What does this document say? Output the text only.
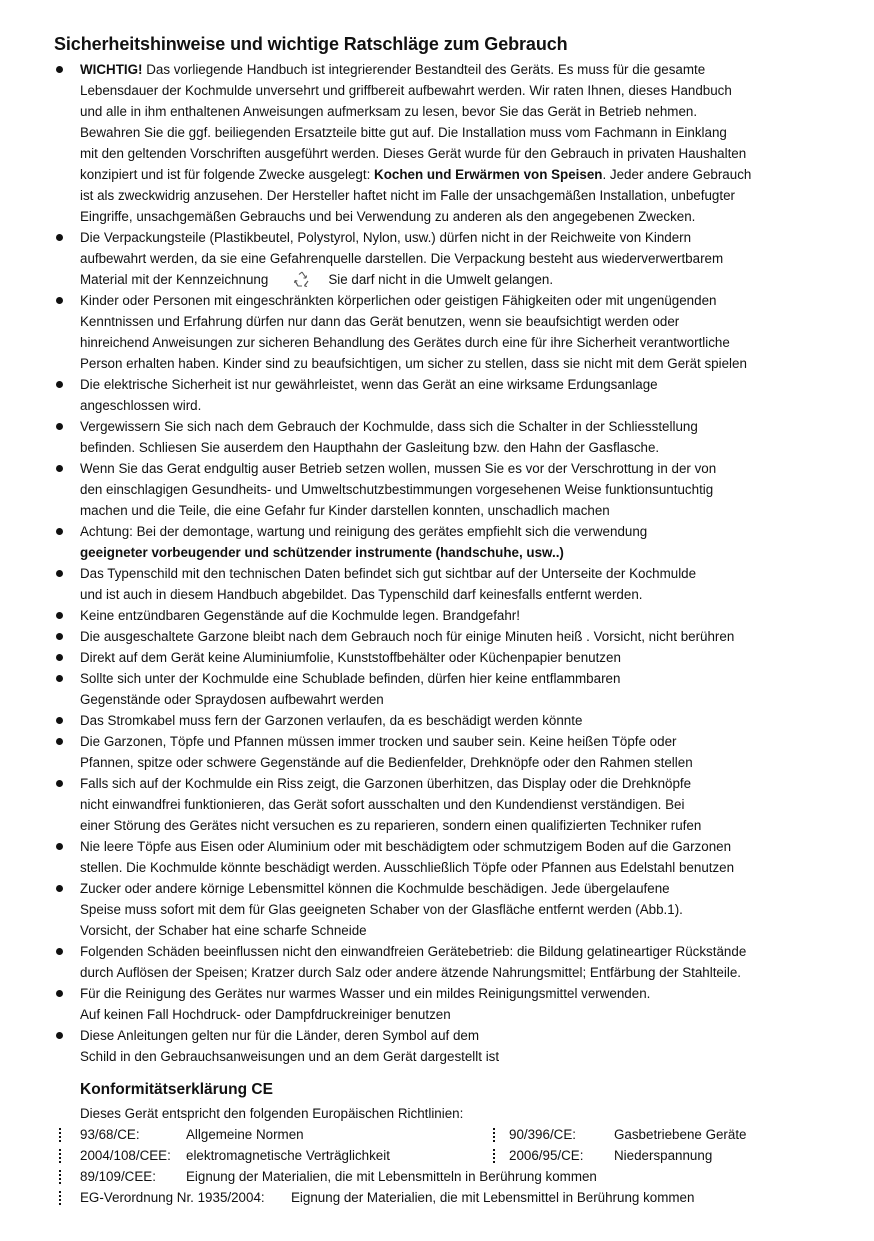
Sicherheitshinweise und wichtige Ratschläge zum Gebrauch
WICHTIG! Das vorliegende Handbuch ist integrierender Bestandteil des Geräts. Es muss für die gesamte
Lebensdauer der Kochmulde unversehrt und griffbereit aufbewahrt werden. Wir raten Ihnen, dieses Handbuch
und alle in ihm enthaltenen Anweisungen aufmerksam zu lesen, bevor Sie das Gerät in Betrieb nehmen.
Bewahren Sie die ggf. beiliegenden Ersatzteile bitte gut auf. Die Installation muss vom Fachmann in Einklang
mit den geltenden Vorschriften ausgeführt werden. Dieses Gerät wurde für den Gebrauch in privaten Haushalten
konzipiert und ist für folgende Zwecke ausgelegt: Kochen und Erwärmen von Speisen. Jeder andere Gebrauch
ist als zweckwidrig anzusehen. Der Hersteller haftet nicht im Falle der unsachgemäßen Installation, unbefugter
Eingriffe, unsachgemäßen Gebrauchs und bei Verwendung zu anderen als den angegebenen Zwecken.
Die Verpackungsteile (Plastikbeutel, Polystyrol, Nylon, usw.) dürfen nicht in der Reichweite von Kindern
aufbewahrt werden, da sie eine Gefahrenquelle darstellen. Die Verpackung besteht aus wiederverwertbarem
Material mit der Kennzeichnung	Sie darf nicht in die Umwelt gelangen.
Kinder oder Personen mit eingeschränkten körperlichen oder geistigen Fähigkeiten oder mit ungenügenden
Kenntnissen und Erfahrung dürfen nur dann das Gerät benutzen, wenn sie beaufsichtigt werden oder
hinreichend Anweisungen zur sicheren Behandlung des Gerätes durch eine für ihre Sicherheit verantwortliche
Person erhalten haben. Kinder sind zu beaufsichtigen, um sicher zu stellen, dass sie nicht mit dem Gerät spielen
Die elektrische Sicherheit ist nur gewährleistet, wenn das Gerät an eine wirksame Erdungsanlage
angeschlossen wird.
Vergewissern Sie sich nach dem Gebrauch der Kochmulde, dass sich die Schalter in der Schliesstellung
befinden. Schliesen Sie auserdem den Haupthahn der Gasleitung bzw. den Hahn der Gasflasche.
Wenn Sie das Gerat endgultig auser Betrieb setzen wollen, mussen Sie es vor der Verschrottung in der von
den einschlagigen Gesundheits- und Umweltschutzbestimmungen vorgesehenen Weise funktionsuntuchtig
machen und die Teile, die eine Gefahr fur Kinder darstellen konnten, unschadlich machen
Achtung: Bei der demontage, wartung und reinigung des gerätes empfiehlt sich die verwendung
geeigneter vorbeugender und schützender instrumente (handschuhe, usw..)
Das Typenschild mit den technischen Daten befindet sich gut sichtbar auf der Unterseite der Kochmulde
und ist auch in diesem Handbuch abgebildet. Das Typenschild darf keinesfalls entfernt werden.
Keine entzündbaren Gegenstände auf die Kochmulde legen. Brandgefahr!
Die ausgeschaltete Garzone bleibt nach dem Gebrauch noch für einige Minuten heiß . Vorsicht, nicht berühren
Direkt auf dem Gerät keine Aluminiumfolie, Kunststoffbehälter oder Küchenpapier benutzen
Sollte sich unter der Kochmulde eine Schublade befinden, dürfen hier keine entflammbaren
Gegenstände oder Spraydosen aufbewahrt werden
Das Stromkabel muss fern der Garzonen verlaufen, da es beschädigt werden könnte
Die Garzonen, Töpfe und Pfannen müssen immer trocken und sauber sein. Keine heißen Töpfe oder
Pfannen, spitze oder schwere Gegenstände auf die Bedienfelder, Drehknöpfe oder den Rahmen stellen
Falls sich auf der Kochmulde ein Riss zeigt, die Garzonen überhitzen, das Display oder die Drehknöpfe
nicht einwandfrei funktionieren, das Gerät sofort ausschalten und den Kundendienst verständigen. Bei
einer Störung des Gerätes nicht versuchen es zu reparieren, sondern einen qualifizierten Techniker rufen
Nie leere Töpfe aus Eisen oder Aluminium oder mit beschädigtem oder schmutzigem Boden auf die Garzonen
stellen. Die Kochmulde könnte beschädigt werden. Ausschließlich Töpfe oder Pfannen aus Edelstahl benutzen
Zucker oder andere körnige Lebensmittel können die Kochmulde beschädigen. Jede übergelaufene
Speise muss sofort mit dem für Glas geeigneten Schaber von der Glasfläche entfernt werden (Abb.1).
Vorsicht, der Schaber hat eine scharfe Schneide
Folgenden Schäden beeinflussen nicht den einwandfreien Gerätebetrieb: die Bildung gelatineartiger Rückstände
durch Auflösen der Speisen; Kratzer durch Salz oder andere ätzende Nahrungsmittel; Entfärbung der Stahlteile.
Für die Reinigung des Gerätes nur warmes Wasser und ein mildes Reinigungsmittel verwenden.
Auf keinen Fall Hochdruck- oder Dampfdruckreiniger benutzen
Diese Anleitungen gelten nur für die Länder, deren Symbol auf dem
Schild in den Gebrauchsanweisungen und an dem Gerät dargestellt ist
Konformitätserklärung CE
Dieses Gerät entspricht den folgenden Europäischen Richtlinien:
93/68/CE:	Allgemeine Normen	90/396/CE:	Gasbetriebene Geräte
2004/108/CEE: elektromagnetische Verträglichkeit	2006/95/CE: Niederspannung
89/109/CEE: Eignung der Materialien, die mit Lebensmitteln in Berührung kommen
EG-Verordnung Nr. 1935/2004: Eignung der Materialien, die mit Lebensmittel in Berührung kommen
